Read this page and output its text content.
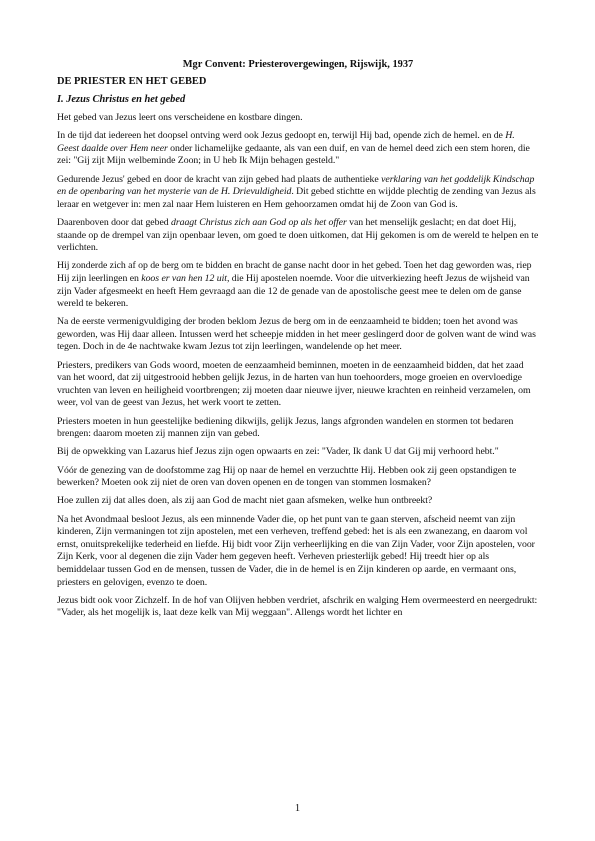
Mgr Convent: Priesterovergewingen, Rijswijk, 1937
DE PRIESTER EN HET GEBED
I. Jezus Christus en het gebed

Het gebed van Jezus leert ons verscheidene en kostbare dingen.

In de tijd dat iedereen het doopsel ontving werd ook Jezus gedoopt en, terwijl Hij bad, opende zich de hemel. en de H. Geest daalde over Hem neer onder lichamelijke gedaante, als van een duif, en van de hemel deed zich een stem horen, die zei: "Gij zijt Mijn welbeminde Zoon; in U heb Ik Mijn behagen gesteld."

Gedurende Jezus' gebed en door de kracht van zijn gebed had plaats de authentieke verklaring van het goddelijk Kindschap en de openbaring van het mysterie van de H. Drievuldigheid. Dit gebed stichtte en wijdde plechtig de zending van Jezus als leraar en wetgever in: men zal naar Hem luisteren en Hem gehoorzamen omdat hij de Zoon van God is.

Daarenboven door dat gebed draagt Christus zich aan God op als het offer van het menselijk geslacht; en dat doet Hij, staande op de drempel van zijn openbaar leven, om goed te doen uitkomen, dat Hij gekomen is om de wereld te helpen en te verlichten.

Hij zonderde zich af op de berg om te bidden en bracht de ganse nacht door in het gebed. Toen het dag geworden was, riep Hij zijn leerlingen en koos er van hen 12 uit, die Hij apostelen noemde. Voor die uitverkiezing heeft Jezus de wijsheid van zijn Vader afgesmeekt en heeft Hem gevraagd aan die 12 de genade van de apostolische geest mee te delen om de ganse wereld te bekeren.

Na de eerste vermenigvuldiging der broden beklom Jezus de berg om in de eenzaamheid te bidden; toen het avond was geworden, was Hij daar alleen. Intussen werd het scheepje midden in het meer geslingerd door de golven want de wind was tegen. Doch in de 4e nachtwake kwam Jezus tot zijn leerlingen, wandelende op het meer.

Priesters, predikers van Gods woord, moeten de eenzaamheid beminnen, moeten in de eenzaamheid bidden, dat het zaad van het woord, dat zij uitgestrooid hebben gelijk Jezus, in de harten van hun toehoorders, moge groeien en overvloedige vruchten van leven en heiligheid voortbrengen; zij moeten daar nieuwe ijver, nieuwe krachten en reinheid verzamelen, om weer, vol van de geest van Jezus, het werk voort te zetten.

Priesters moeten in hun geestelijke bediening dikwijls, gelijk Jezus, langs afgronden wandelen en stormen tot bedaren brengen: daarom moeten zij mannen zijn van gebed.

Bij de opwekking van Lazarus hief Jezus zijn ogen opwaarts en zei: "Vader, Ik dank U dat Gij mij verhoord hebt."

Vóór de genezing van de doofstomme zag Hij op naar de hemel en verzuchtte Hij. Hebben ook zij geen opstandigen te bewerken? Moeten ook zij niet de oren van doven openen en de tongen van stommen losmaken?

Hoe zullen zij dat alles doen, als zij aan God de macht niet gaan afsmeken, welke hun ontbreekt?

Na het Avondmaal besloot Jezus, als een minnende Vader die, op het punt van te gaan sterven, afscheid neemt van zijn kinderen, Zijn vermaningen tot zijn apostelen, met een verheven, treffend gebed: het is als een zwanezang, en daarom vol ernst, onuitsprekelijke tederheid en liefde. Hij bidt voor Zijn verheerlijking en die van Zijn Vader, voor Zijn apostelen, voor Zijn Kerk, voor al degenen die zijn Vader hem gegeven heeft. Verheven priesterlijk gebed! Hij treedt hier op als bemiddelaar tussen God en de mensen, tussen de Vader, die in de hemel is en Zijn kinderen op aarde, en vermaant ons, priesters en gelovigen, evenzo te doen.

Jezus bidt ook voor Zichzelf. In de hof van Olijven hebben verdriet, afschrik en walging Hem overmeesterd en neergedrukt: "Vader, als het mogelijk is, laat deze kelk van Mij weggaan". Allengs wordt het lichter en

1
